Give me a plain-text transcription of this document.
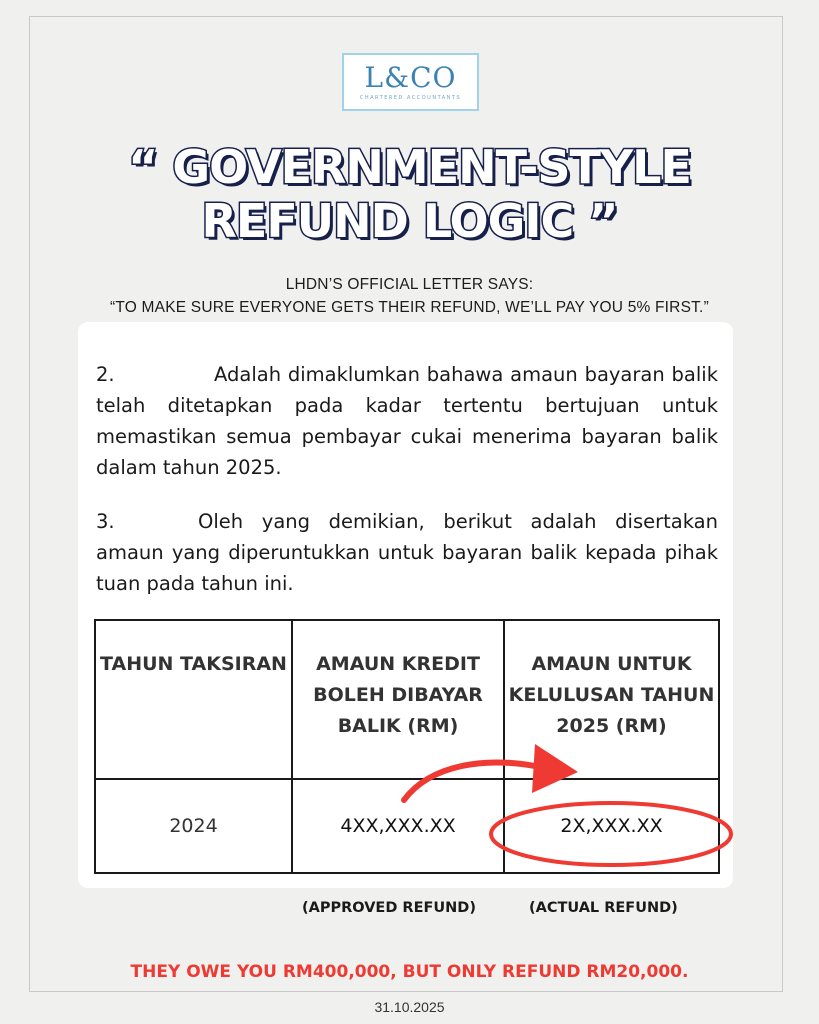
L&CO
CHARTERED ACCOUNTANTS
“ GOVERNMENT-STYLE
REFUND LOGIC ”
LHDN’S OFFICIAL LETTER SAYS:
“TO MAKE SURE EVERYONE GETS THEIR REFUND, WE’LL PAY YOU 5% FIRST.”
2.	Adalah dimaklumkan bahawa amaun bayaran balik telah ditetapkan pada kadar tertentu bertujuan untuk memastikan semua pembayar cukai menerima bayaran balik dalam tahun 2025.
3.	Oleh yang demikian, berikut adalah disertakan amaun yang diperuntukkan untuk bayaran balik kepada pihak tuan pada tahun ini.
TAHUN TAKSIRAN	AMAUN KREDIT BOLEH DIBAYAR BALIK (RM)	AMAUN UNTUK KELULUSAN TAHUN 2025 (RM)
2024	4XX,XXX.XX	2X,XXX.XX
(APPROVED REFUND)	(ACTUAL REFUND)
THEY OWE YOU RM400,000, BUT ONLY REFUND RM20,000.
31.10.2025
